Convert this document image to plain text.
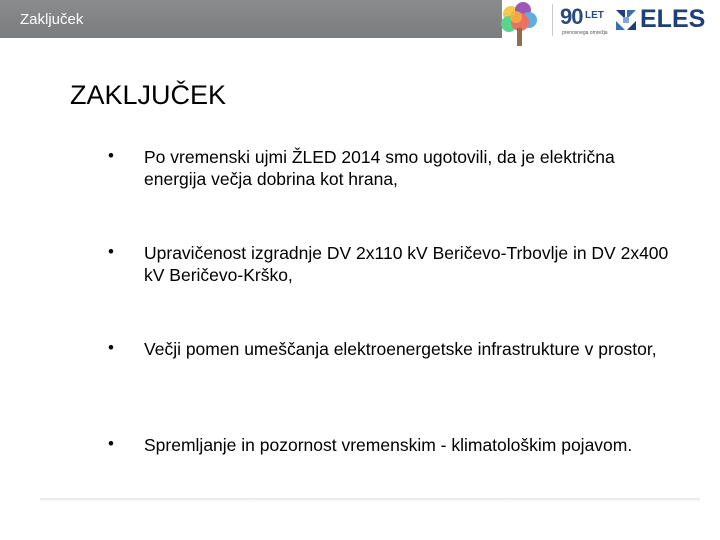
Zaključek	90 LET
prenosnega omrežja ELES
ZAKLJUČEK
• Po vremenski ujmi ŽLED 2014 smo ugotovili, da je električna energija večja dobrina kot hrana,
• Upravičenost izgradnje DV 2x110 kV Beričevo-Trbovlje in DV 2x400 kV Beričevo-Krško,
• Večji pomen umeščanja elektroenergetske infrastrukture v prostor,
• Spremljanje in pozornost vremenskim - klimatološkim pojavom.
